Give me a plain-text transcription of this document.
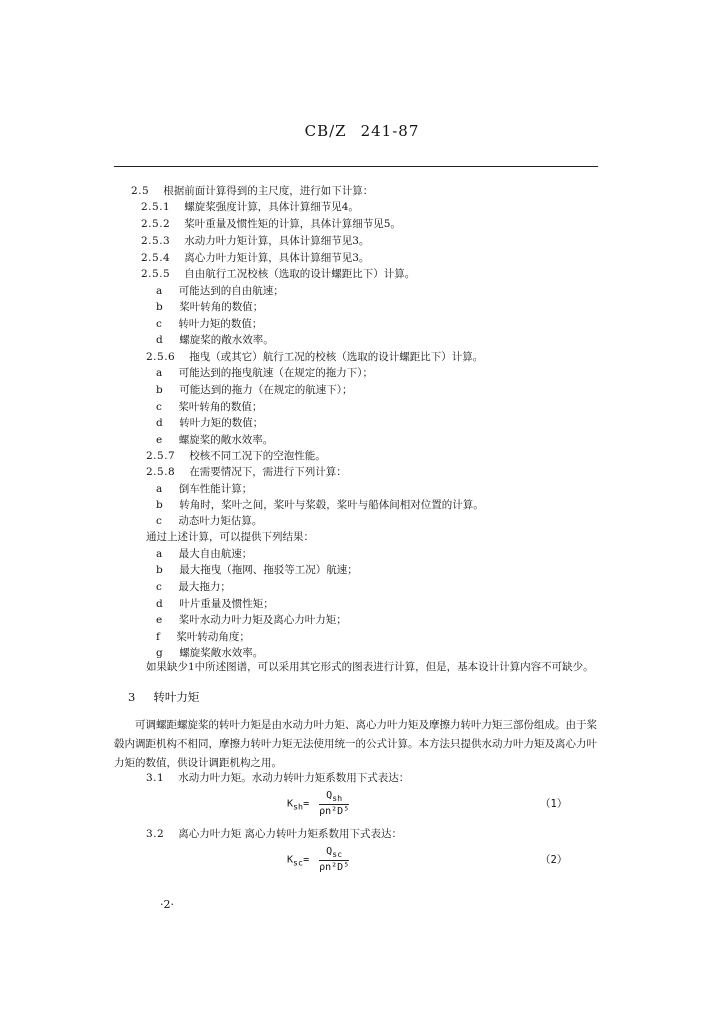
CB/Z 241-87
2.5 根据前面计算得到的主尺度，进行如下计算：
2.5.1 螺旋桨强度计算，具体计算细节见4。
2.5.2 桨叶重量及惯性矩的计算，具体计算细节见5。
2.5.3 水动力叶力矩计算，具体计算细节见3。
2.5.4 离心力叶力矩计算，具体计算细节见3。
2.5.5 自由航行工况校核（选取的设计螺距比下）计算。
a 可能达到的自由航速；
b 桨叶转角的数值；
c 转叶力矩的数值；
d 螺旋桨的敞水效率。
2.5.6 拖曳（或其它）航行工况的校核（选取的设计螺距比下）计算。
a 可能达到的拖曳航速（在规定的拖力下）；
b 可能达到的拖力（在规定的航速下）；
c 桨叶转角的数值；
d 转叶力矩的数值；
e 螺旋桨的敞水效率。
2.5.7 校核不同工况下的空泡性能。
2.5.8 在需要情况下，需进行下列计算：
a 倒车性能计算；
b 转角时，桨叶之间，桨叶与桨毂，桨叶与船体间相对位置的计算。
c 动态叶力矩估算。
通过上述计算，可以提供下列结果：
a 最大自由航速；
b 最大拖曳（拖网、拖驳等工况）航速；
c 最大拖力；
d 叶片重量及惯性矩；
e 桨叶水动力叶力矩及离心力叶力矩；
f 桨叶转动角度；
g 螺旋桨敞水效率。
如果缺少1中所述图谱，可以采用其它形式的图表进行计算，但是，基本设计计算内容不可缺少。
3 转叶力矩
可调螺距螺旋桨的转叶力矩是由水动力叶力矩、离心力叶力矩及摩擦力转叶力矩三部份组成。由于桨毂内调距机构不相同，摩擦力转叶力矩无法使用统一的公式计算。本方法只提供水动力叶力矩及离心力叶力矩的数值，供设计调距机构之用。
3.1 水动力叶力矩。水动力转叶力矩系数用下式表达：
$K_{sh}= \frac{Q_{sh}}{\text{ρn²D⁵}}$	（1）
3.2 离心力叶力矩 离心力转叶力矩系数用下式表达：
$K_{sc}= \frac{Q_{sc}}{\text{ρn²D⁵}}$	（2）
·2·
